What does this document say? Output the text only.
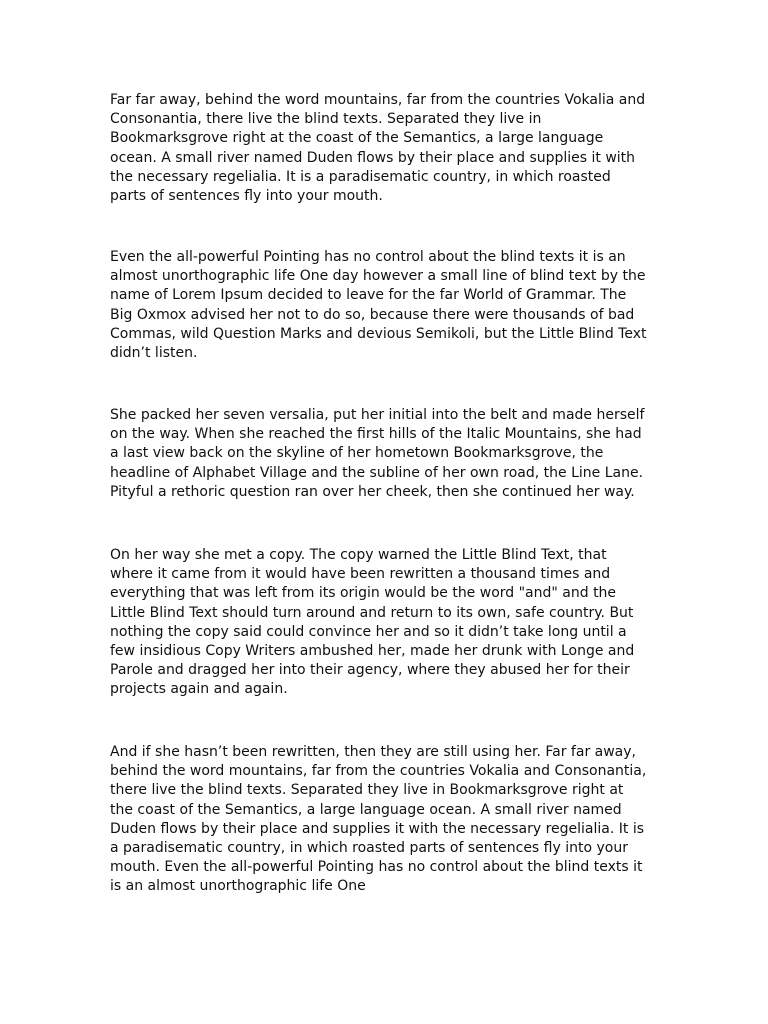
Far far away, behind the word mountains, far from the countries Vokalia and
Consonantia, there live the blind texts. Separated they live in
Bookmarksgrove right at the coast of the Semantics, a large language
ocean. A small river named Duden flows by their place and supplies it with
the necessary regelialia. It is a paradisematic country, in which roasted
parts of sentences fly into your mouth.

Even the all-powerful Pointing has no control about the blind texts it is an
almost unorthographic life One day however a small line of blind text by the
name of Lorem Ipsum decided to leave for the far World of Grammar. The
Big Oxmox advised her not to do so, because there were thousands of bad
Commas, wild Question Marks and devious Semikoli, but the Little Blind Text
didn’t listen.

She packed her seven versalia, put her initial into the belt and made herself
on the way. When she reached the first hills of the Italic Mountains, she had
a last view back on the skyline of her hometown Bookmarksgrove, the
headline of Alphabet Village and the subline of her own road, the Line Lane.
Pityful a rethoric question ran over her cheek, then she continued her way.

On her way she met a copy. The copy warned the Little Blind Text, that
where it came from it would have been rewritten a thousand times and
everything that was left from its origin would be the word "and" and the
Little Blind Text should turn around and return to its own, safe country. But
nothing the copy said could convince her and so it didn’t take long until a
few insidious Copy Writers ambushed her, made her drunk with Longe and
Parole and dragged her into their agency, where they abused her for their
projects again and again.

And if she hasn’t been rewritten, then they are still using her. Far far away,
behind the word mountains, far from the countries Vokalia and Consonantia,
there live the blind texts. Separated they live in Bookmarksgrove right at
the coast of the Semantics, a large language ocean. A small river named
Duden flows by their place and supplies it with the necessary regelialia. It is
a paradisematic country, in which roasted parts of sentences fly into your
mouth. Even the all-powerful Pointing has no control about the blind texts it
is an almost unorthographic life One
